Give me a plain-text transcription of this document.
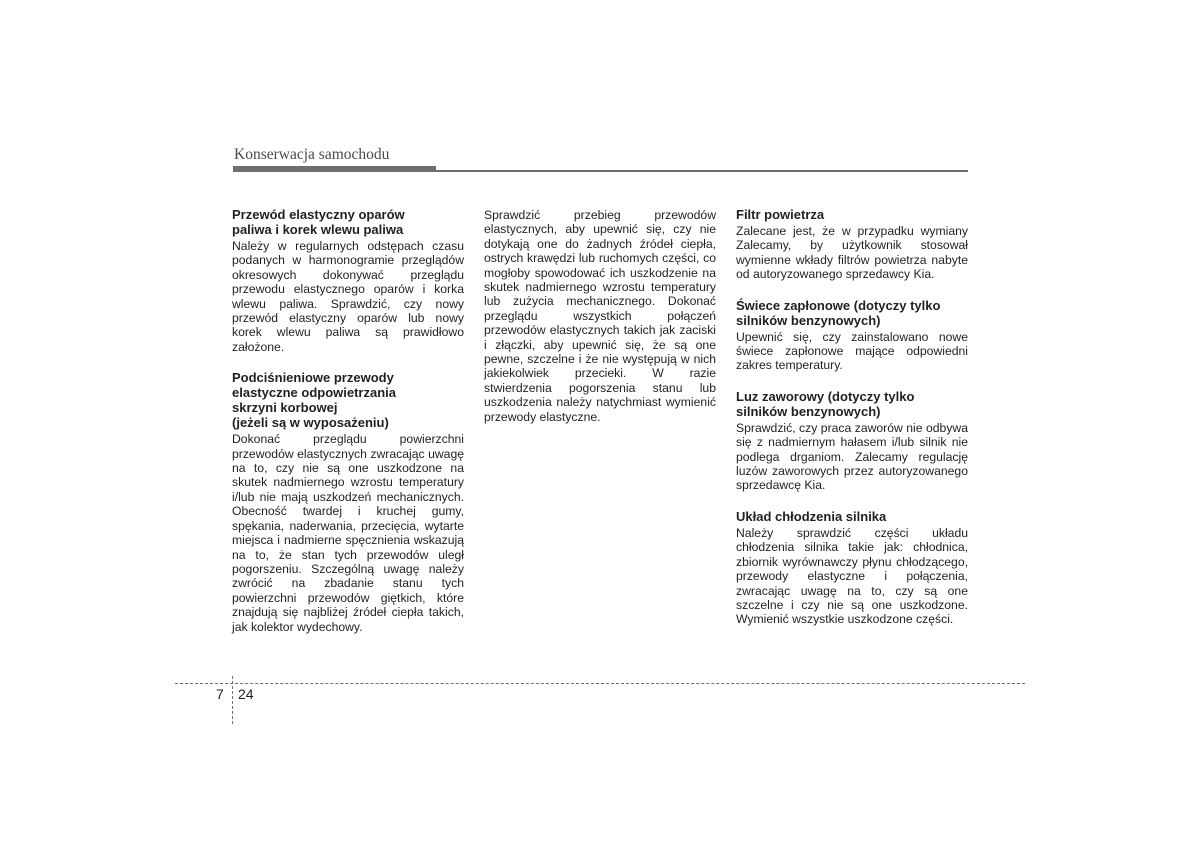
Konserwacja samochodu
Przewód elastyczny oparów
paliwa i korek wlewu paliwa

Należy w regularnych odstępach czasu podanych w harmonogramie przeglądów okresowych dokonywać przeglądu przewodu elastycznego oparów i korka wlewu paliwa. Sprawdzić, czy nowy przewód elastyczny oparów lub nowy korek wlewu paliwa są prawidłowo założone.

Podciśnieniowe przewody
elastyczne odpowietrzania
skrzyni korbowej
(jeżeli są w wyposażeniu)

Dokonać przeglądu powierzchni przewodów elastycznych zwracając uwagę na to, czy nie są one uszkodzone na skutek nadmiernego wzrostu temperatury i/lub nie mają uszkodzeń mechanicznych. Obecność twardej i kruchej gumy, spękania, naderwania, przecięcia, wytarte miejsca i nadmierne spęcznienia wskazują na to, że stan tych przewodów uległ pogorszeniu. Szczególną uwagę należy zwrócić na zbadanie stanu tych powierzchni przewodów giętkich, które znajdują się najbliżej źródeł ciepła takich, jak kolektor wydechowy.

Sprawdzić przebieg przewodów elastycznych, aby upewnić się, czy nie dotykają one do żadnych źródeł ciepła, ostrych krawędzi lub ruchomych części, co mogłoby spowodować ich uszkodzenie na skutek nadmiernego wzrostu temperatury lub zużycia mechanicznego. Dokonać przeglądu wszystkich połączeń przewodów elastycznych takich jak zaciski i złączki, aby upewnić się, że są one pewne, szczelne i że nie występują w nich jakiekolwiek przecieki. W razie stwierdzenia pogorszenia stanu lub uszkodzenia należy natychmiast wymienić przewody elastyczne.

Filtr powietrza

Zalecane jest, że w przypadku wymiany Zalecamy, by użytkownik stosował wymienne wkłady filtrów powietrza nabyte od autoryzowanego sprzedawcy Kia.

Świece zapłonowe (dotyczy tylko
silników benzynowych)

Upewnić się, czy zainstalowano nowe świece zapłonowe mające odpowiedni zakres temperatury.

Luz zaworowy (dotyczy tylko
silników benzynowych)

Sprawdzić, czy praca zaworów nie odbywa się z nadmiernym hałasem i/lub silnik nie podlega drganiom. Zalecamy regulację luzów zaworowych przez autoryzowanego sprzedawcę Kia.

Układ chłodzenia silnika

Należy sprawdzić części układu chłodzenia silnika takie jak: chłodnica, zbiornik wyrównawczy płynu chłodzącego, przewody elastyczne i połączenia, zwracając uwagę na to, czy są one szczelne i czy nie są one uszkodzone. Wymienić wszystkie uszkodzone części.

7 24
